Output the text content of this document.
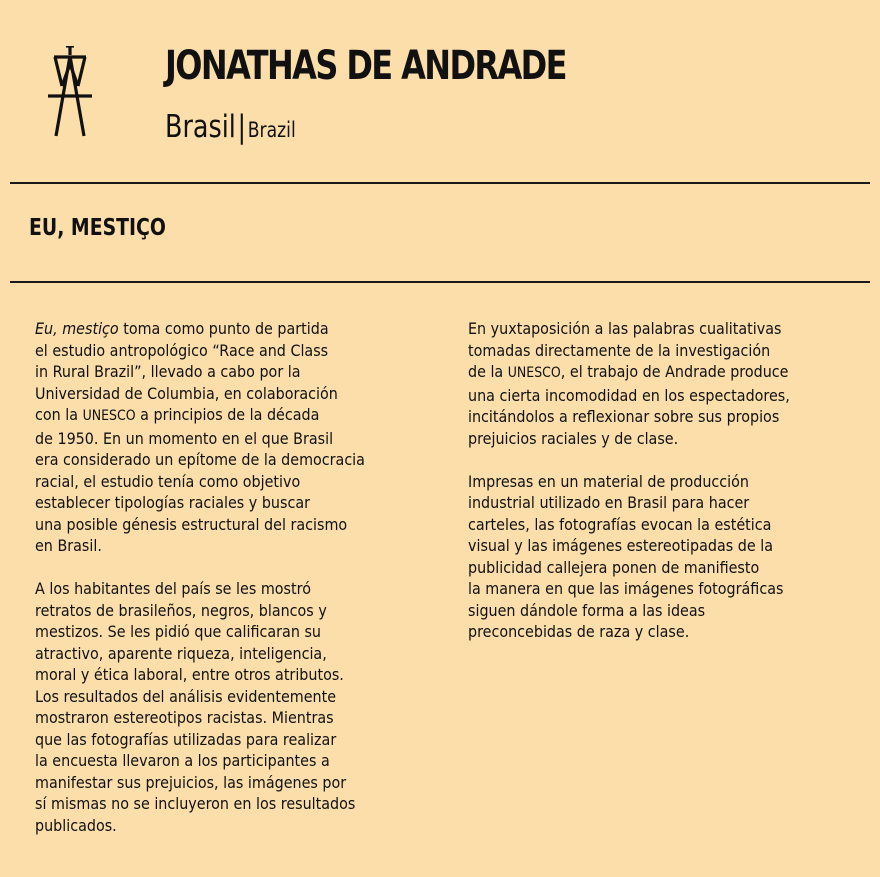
JONATHAS DE ANDRADE
Brasil|Brazil
EU, MESTIÇO
Eu, mestiço toma como punto de partida
el estudio antropológico “Race and Class
in Rural Brazil”, llevado a cabo por la
Universidad de Columbia, en colaboración
con la UNESCO a principios de la década
de 1950. En un momento en el que Brasil
era considerado un epítome de la democracia
racial, el estudio tenía como objetivo
establecer tipologías raciales y buscar
una posible génesis estructural del racismo
en Brasil.
A los habitantes del país se les mostró
retratos de brasileños, negros, blancos y
mestizos. Se les pidió que calificaran su
atractivo, aparente riqueza, inteligencia,
moral y ética laboral, entre otros atributos.
Los resultados del análisis evidentemente
mostraron estereotipos racistas. Mientras
que las fotografías utilizadas para realizar
la encuesta llevaron a los participantes a
manifestar sus prejuicios, las imágenes por
sí mismas no se incluyeron en los resultados
publicados.
En yuxtaposición a las palabras cualitativas
tomadas directamente de la investigación
de la UNESCO, el trabajo de Andrade produce
una cierta incomodidad en los espectadores,
incitándolos a reflexionar sobre sus propios
prejuicios raciales y de clase.
Impresas en un material de producción
industrial utilizado en Brasil para hacer
carteles, las fotografías evocan la estética
visual y las imágenes estereotipadas de la
publicidad callejera ponen de manifiesto
la manera en que las imágenes fotográficas
siguen dándole forma a las ideas
preconcebidas de raza y clase.
